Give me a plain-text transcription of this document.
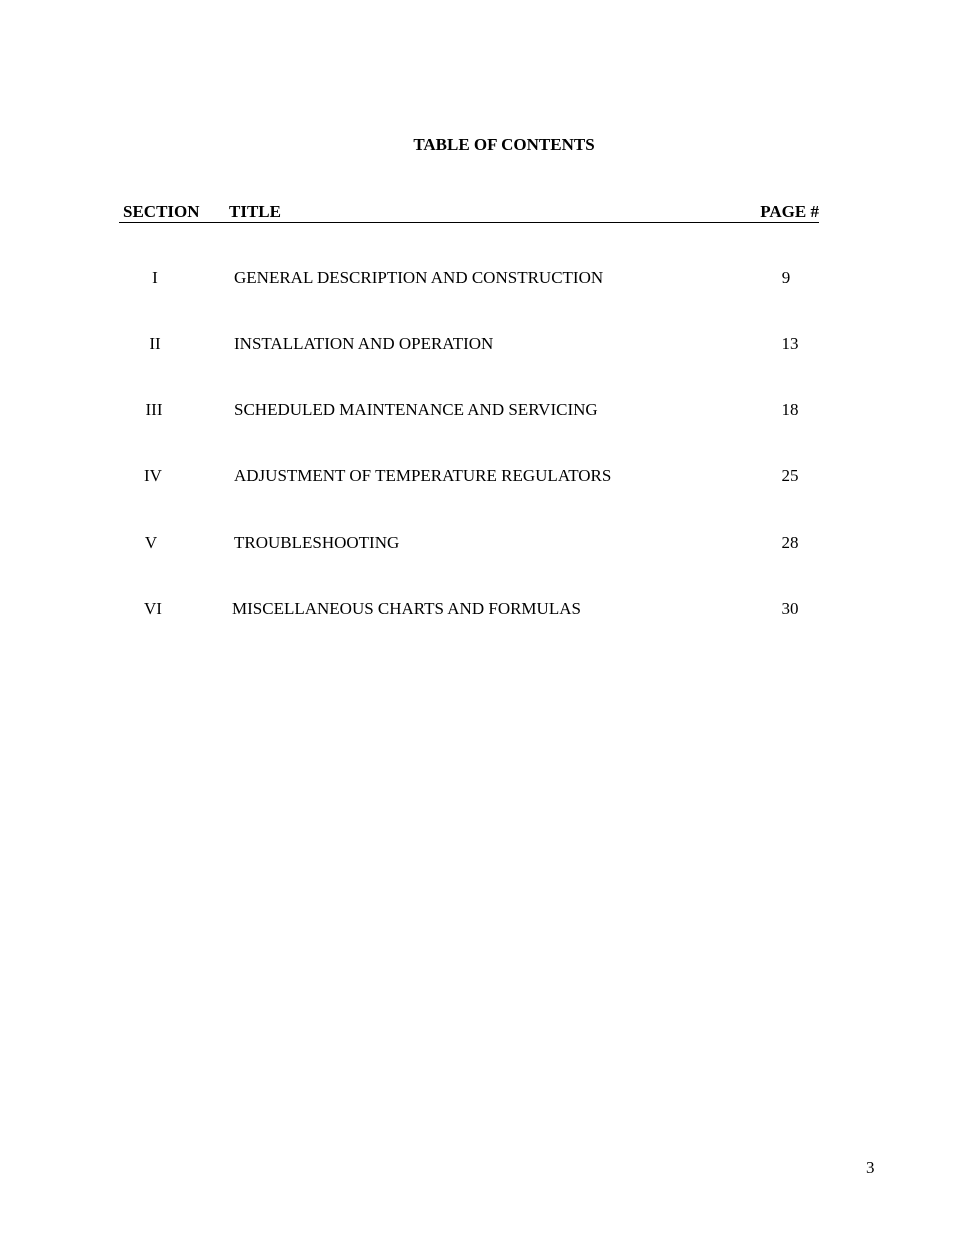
TABLE OF CONTENTS
SECTION TITLE	PAGE #
I	GENERAL DESCRIPTION AND CONSTRUCTION	9
II	INSTALLATION AND OPERATION	13
III	SCHEDULED MAINTENANCE AND SERVICING	18
IV	ADJUSTMENT OF TEMPERATURE REGULATORS	25
V	TROUBLESHOOTING	28
VI	MISCELLANEOUS CHARTS AND FORMULAS	30
3
